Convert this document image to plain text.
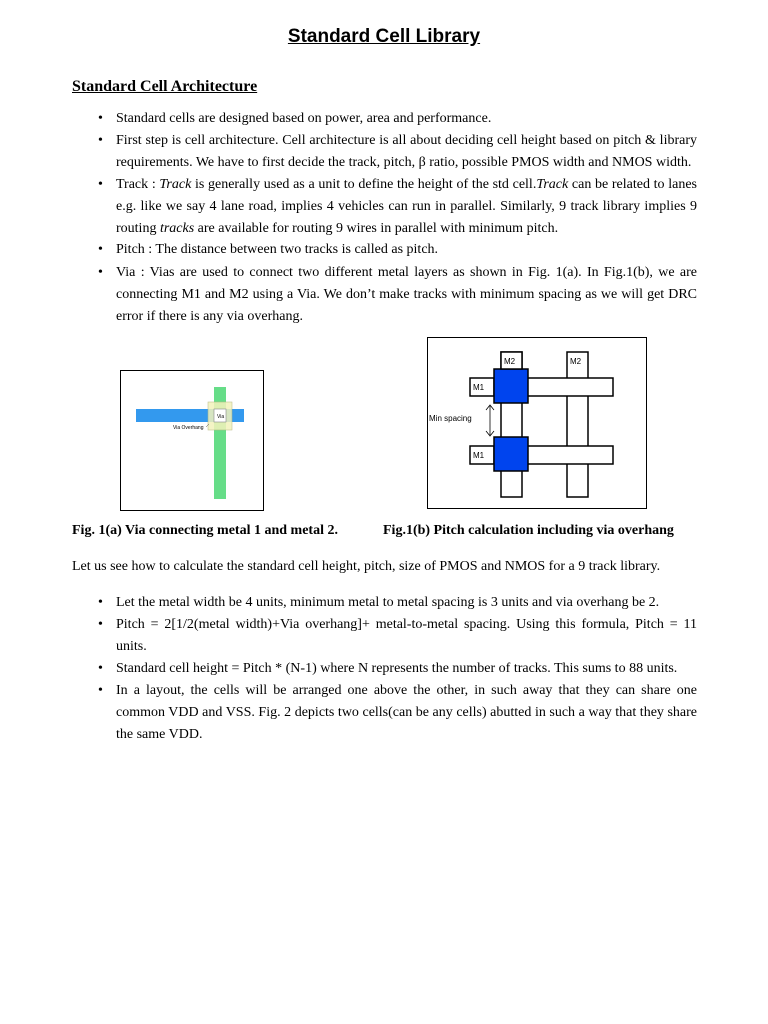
Standard Cell Library
Standard Cell Architecture
• Standard cells are designed based on power, area and performance.
• First step is cell architecture. Cell architecture is all about deciding cell height based on pitch & library requirements. We have to first decide the track, pitch, β ratio, possible PMOS width and NMOS width.
• Track : Track is generally used as a unit to define the height of the std cell.Track can be related to lanes e.g. like we say 4 lane road, implies 4 vehicles can run in parallel. Similarly, 9 track library implies 9 routing tracks are available for routing 9 wires in parallel with minimum pitch.
• Pitch : The distance between two tracks is called as pitch.
• Via : Vias are used to connect two different metal layers as shown in Fig. 1(a). In Fig.1(b), we are connecting M1 and M2 using a Via. We don’t make tracks with minimum spacing as we will get DRC error if there is any via overhang.
Via
Via Overhang
M2	M2
M1
M1
Min spacing
Fig. 1(a) Via connecting metal 1 and metal 2.	Fig.1(b) Pitch calculation including via overhang
Let us see how to calculate the standard cell height, pitch, size of PMOS and NMOS for a 9 track library.
• Let the metal width be 4 units, minimum metal to metal spacing is 3 units and via overhang be 2.
• Pitch = 2[1/2(metal width)+Via overhang]+ metal-to-metal spacing. Using this formula, Pitch = 11 units.
• Standard cell height = Pitch * (N-1) where N represents the number of tracks. This sums to 88 units.
• In a layout, the cells will be arranged one above the other, in such away that they can share one common VDD and VSS. Fig. 2 depicts two cells(can be any cells) abutted in such a way that they share the same VDD.
